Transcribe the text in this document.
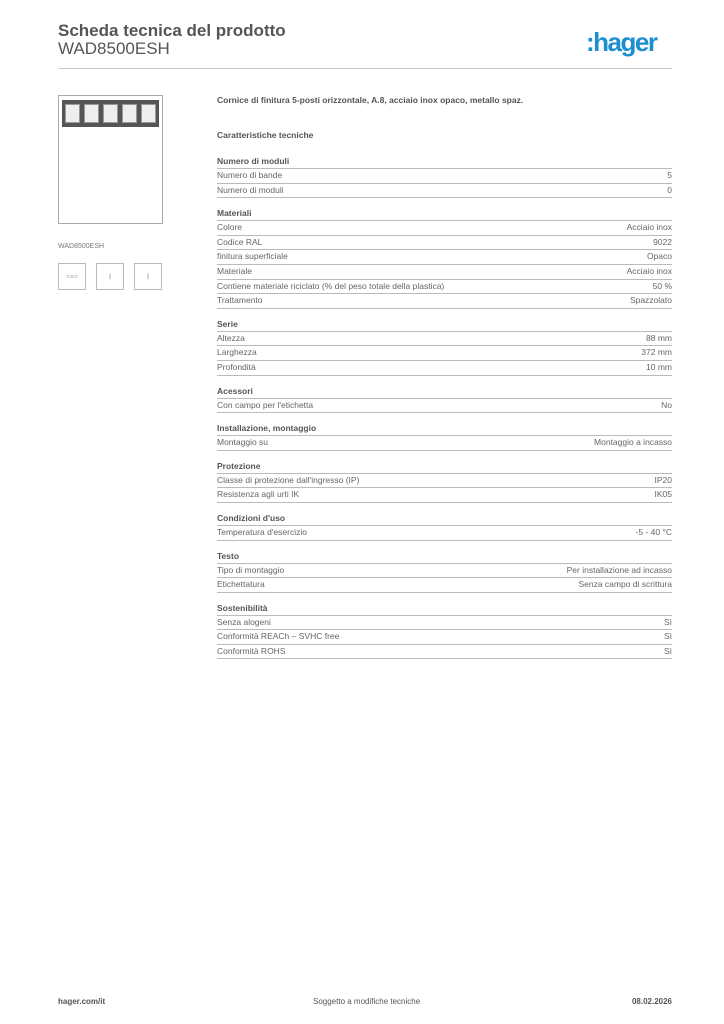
Scheda tecnica del prodotto
WAD8500ESH	:hager
WAD8500ESH
▭▭	|	|
Cornice di finitura 5-posti orizzontale, A.8, acciaio inox opaco, metallo spaz.
Caratteristiche tecniche
Numero di moduli
Numero di bande	5
Numero di moduli	0
Materiali
Colore	Acciaio inox
Codice RAL	9022
finitura superficiale	Opaco
Materiale	Acciaio inox
Contiene materiale riciclato (% del peso totale della plastica)	50 %
Trattamento	Spazzolato
Serie
Altezza	88 mm
Larghezza	372 mm
Profondità	10 mm
Acessori
Con campo per l'etichetta	No
Installazione, montaggio
Montaggio su	Montaggio a incasso
Protezione
Classe di protezione dall'ingresso (IP)	IP20
Resistenza agli urti IK	IK05
Condizioni d'uso
Temperatura d'esercizio	-5 - 40 °C
Testo
Tipo di montaggio	Per installazione ad incasso
Etichettatura	Senza campo di scrittura
Sostenibilità
Senza alogeni	Sì
Conformità REACh – SVHC free	Sì
Conformità ROHS	Sì
hager.com/it	Soggetto a modifiche tecniche	08.02.2026
